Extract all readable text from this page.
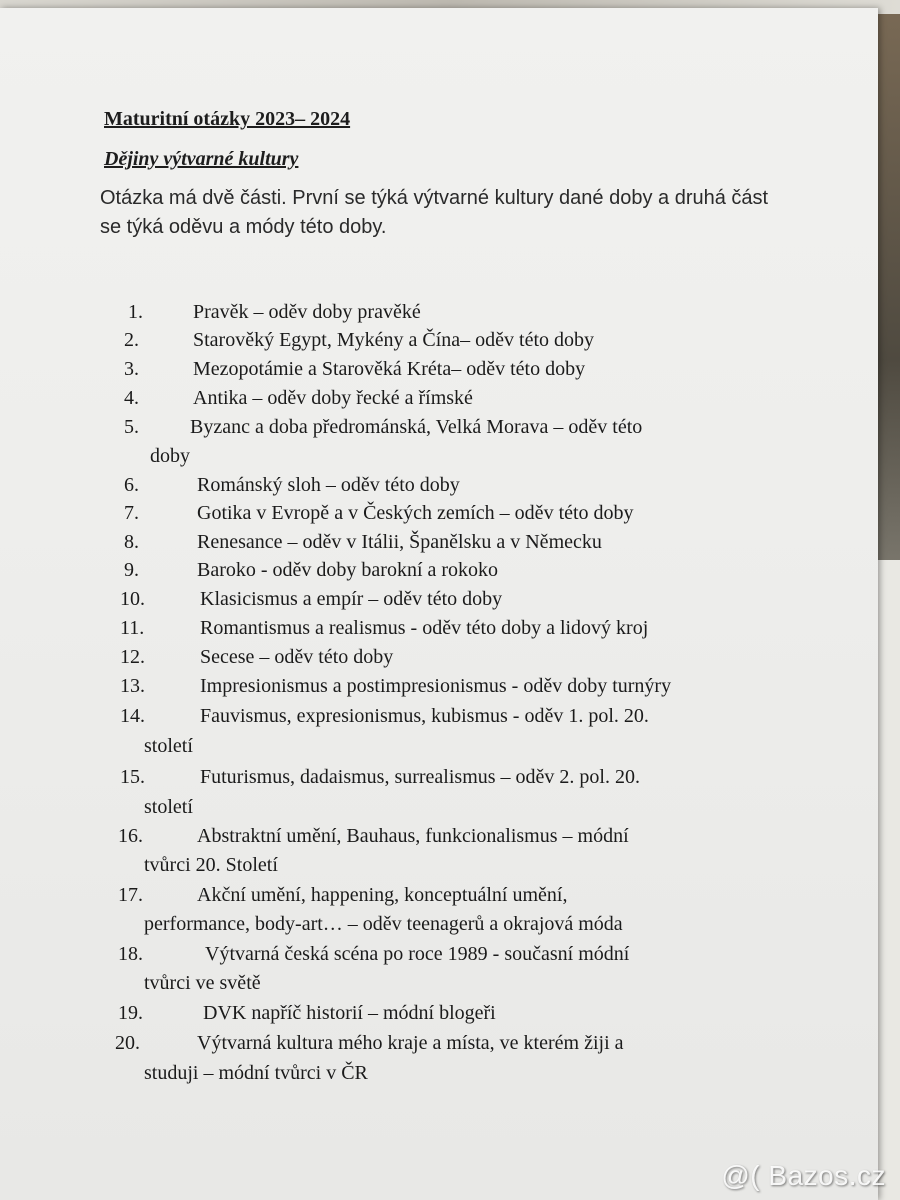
Maturitní otázky 2023– 2024
Dějiny výtvarné kultury
Otázka má dvě části. První se týká výtvarné kultury dané doby a druhá část se týká oděvu a módy této doby.
1.	Pravěk – oděv doby pravěké
2.	Starověký Egypt, Mykény a Čína– oděv této doby
3.	Mezopotámie a Starověká Kréta– oděv této doby
4.	Antika – oděv doby řecké a římské
5.	Byzanc a doba předrománská, Velká Morava – oděv této
doby
6.	Románský sloh – oděv této doby
7.	Gotika v Evropě a v Českých zemích – oděv této doby
8.	Renesance – oděv v Itálii, Španělsku a v Německu
9.	Baroko - oděv doby barokní a rokoko
10.	Klasicismus a empír – oděv této doby
11.	Romantismus a realismus - oděv této doby a lidový kroj
12.	Secese – oděv této doby
13.	Impresionismus a postimpresionismus - oděv doby turnýry
14.	Fauvismus, expresionismus, kubismus - oděv 1. pol. 20.
století
15.	Futurismus, dadaismus, surrealismus – oděv 2. pol. 20.
století
16.	Abstraktní umění, Bauhaus, funkcionalismus – módní
tvůrci 20. Století
17.	Akční umění, happening, konceptuální umění,
performance, body-art… – oděv teenagerů a okrajová móda
18.	Výtvarná česká scéna po roce 1989 - současní módní
tvůrci ve světě
19.	DVK napříč historií – módní blogeři
20.	Výtvarná kultura mého kraje a místa, ve kterém žiji a
studuji – módní tvůrci v ČR
@( Bazos.cz
